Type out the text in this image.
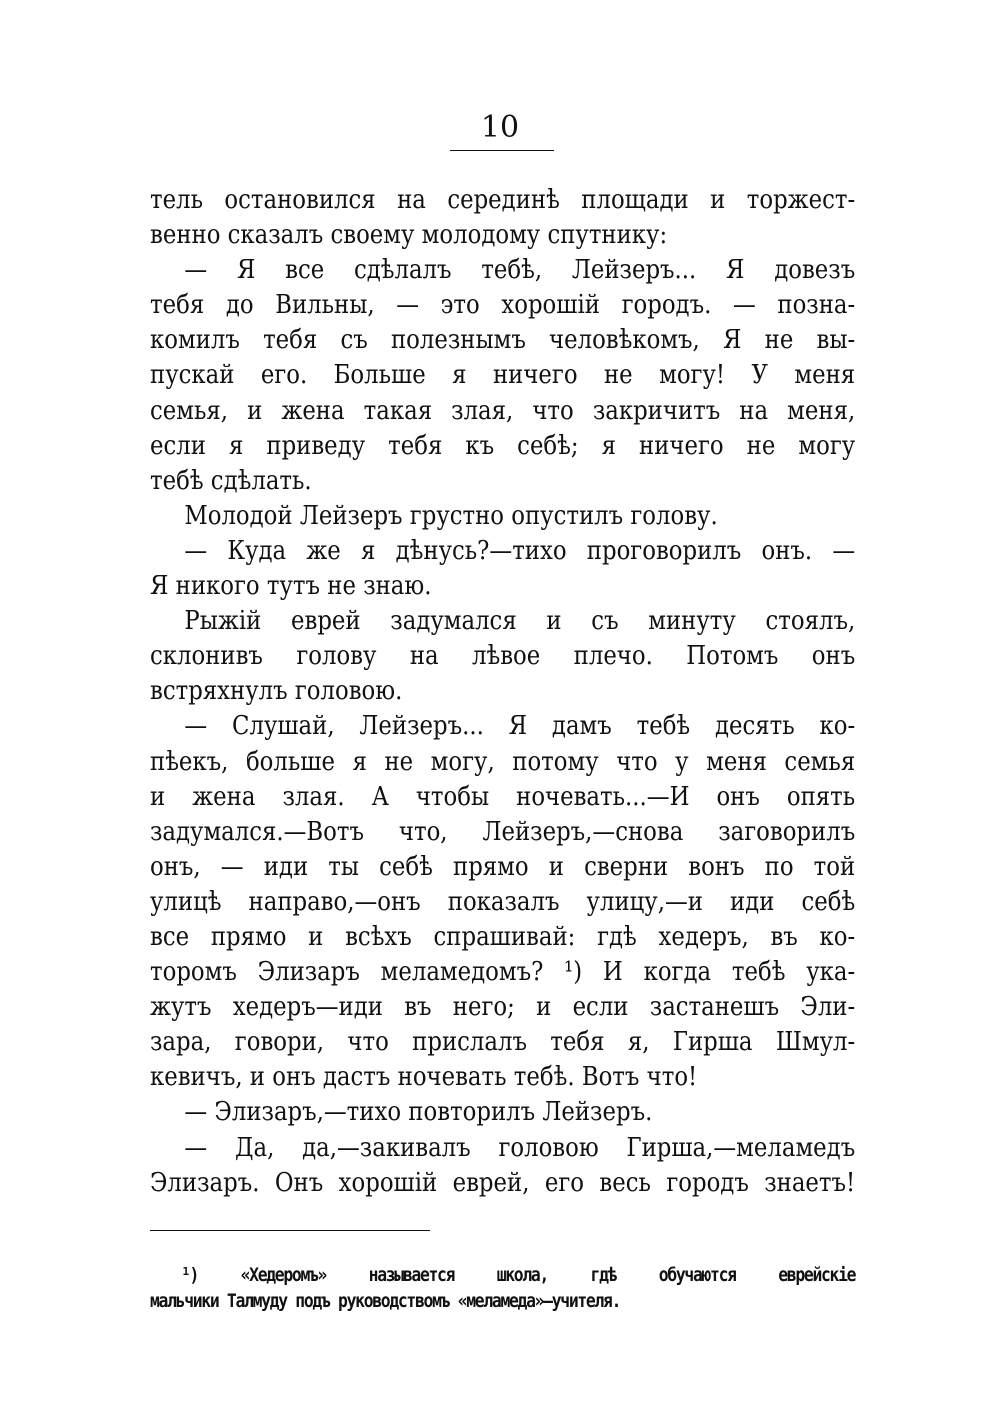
10
тель остановился на серединѣ площади и торжест-
венно сказалъ своему молодому спутнику:
— Я все сдѣлалъ тебѣ, Лейзеръ... Я довезъ
тебя до Вильны, — это хорошій городъ. — позна-
комилъ тебя съ полезнымъ человѣкомъ, Я не вы-
пускай его. Больше я ничего не могу! У меня
семья, и жена такая злая, что закричитъ на меня,
если я приведу тебя къ себѣ; я ничего не могу
тебѣ сдѣлать.
Молодой Лейзеръ грустно опустилъ голову.
— Куда же я дѣнусь?—тихо проговорилъ онъ. —
Я никого тутъ не знаю.
Рыжій еврей задумался и съ минуту стоялъ,
склонивъ голову на лѣвое плечо. Потомъ онъ
встряхнулъ головою.
— Слушай, Лейзеръ... Я дамъ тебѣ десять ко-
пѣекъ, больше я не могу, потому что у меня семья
и жена злая. А чтобы ночевать...—И онъ опять
задумался.—Вотъ что, Лейзеръ,—снова заговорилъ
онъ, — иди ты себѣ прямо и сверни вонъ по той
улицѣ направо,—онъ показалъ улицу,—и иди себѣ
все прямо и всѣхъ спрашивай: гдѣ хедеръ, въ ко-
торомъ Элизаръ меламедомъ? ¹) И когда тебѣ ука-
жутъ хедеръ—иди въ него; и если застанешъ Эли-
зара, говори, что прислалъ тебя я, Гирша Шмул-
кевичъ, и онъ дастъ ночевать тебѣ. Вотъ что!
— Элизаръ,—тихо повторилъ Лейзеръ.
— Да, да,—закивалъ головою Гирша,—меламедъ
Элизаръ. Онъ хорошій еврей, его весь городъ знаетъ!
¹) «Хедеромъ» называется школа, гдѣ обучаются еврейскіе
мальчики Талмуду подъ руководствомъ «меламеда»—учителя.
